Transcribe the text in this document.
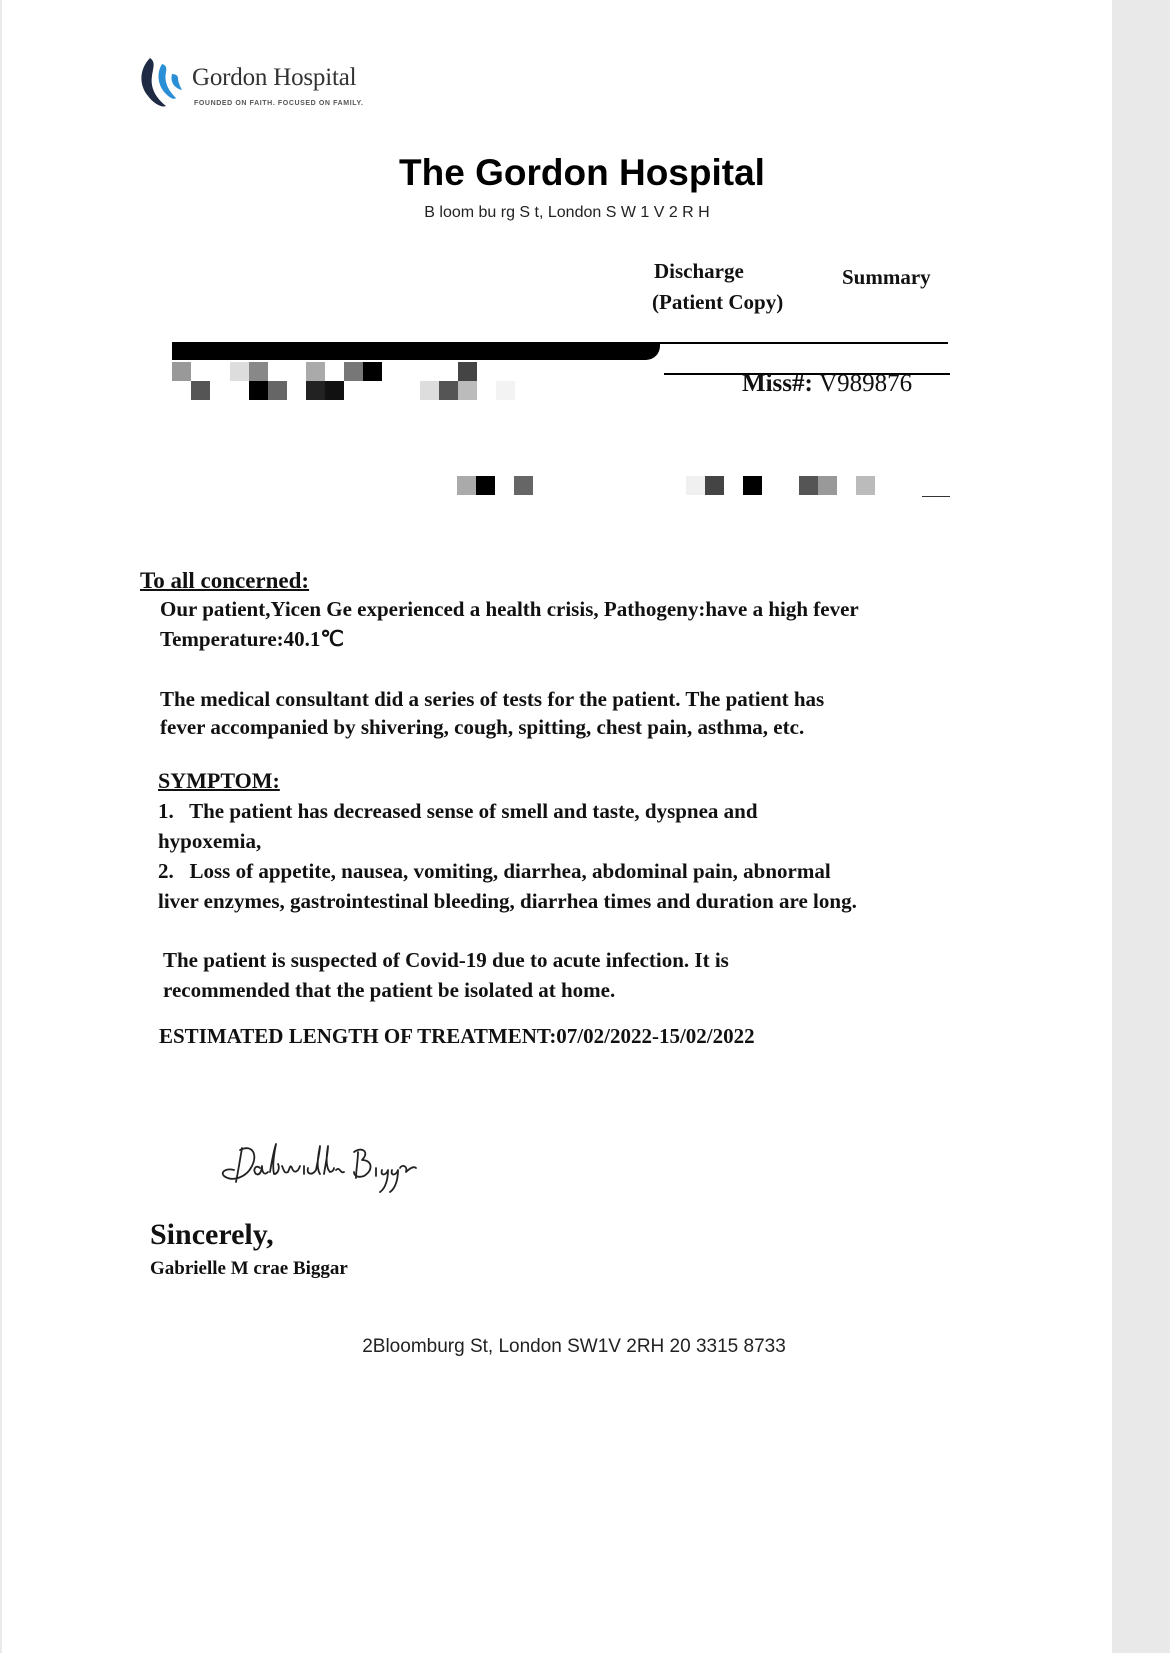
Gordon Hospital
FOUNDED ON FAITH. FOCUSED ON FAMILY.
The Gordon Hospital
B loom bu rg S t, London S W 1 V 2 R H
Discharge
(Patient Copy)
Summary
Miss#: V989876
To all concerned:
Our patient,Yicen Ge experienced a health crisis, Pathogeny:have a high fever
Temperature:40.1℃
The medical consultant did a series of tests for the patient. The patient has
fever accompanied by shivering, cough, spitting, chest pain, asthma, etc.
SYMPTOM:
1. The patient has decreased sense of smell and taste, dyspnea and
hypoxemia,
2. Loss of appetite, nausea, vomiting, diarrhea, abdominal pain, abnormal
liver enzymes, gastrointestinal bleeding, diarrhea times and duration are long.
The patient is suspected of Covid-19 due to acute infection. It is
recommended that the patient be isolated at home.
ESTIMATED LENGTH OF TREATMENT:07/02/2022-15/02/2022
Sincerely,
Gabrielle M crae Biggar
2Bloomburg St, London SW1V 2RH 20 3315 8733
